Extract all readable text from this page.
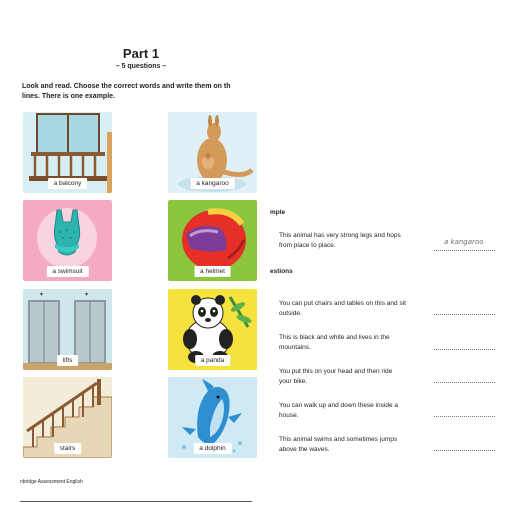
Part 1
– 5 questions –
Look and read. Choose the correct words and write them on th
lines. There is one example.
a balcony	a kangaroo
a swimsuit	a helmet
lifts	a panda
stairs	a dolphin
nbridge Assessment English
mple
This animal has very strong legs and hops
from place to place.	a kangaroo
estions
You can put chairs and tables on this and sit
outside.
This is black and white and lives in the
mountains.
You put this on your head and then ride
your bike.
You can walk up and down these inside a
house.
This animal swims and sometimes jumps
above the waves.
